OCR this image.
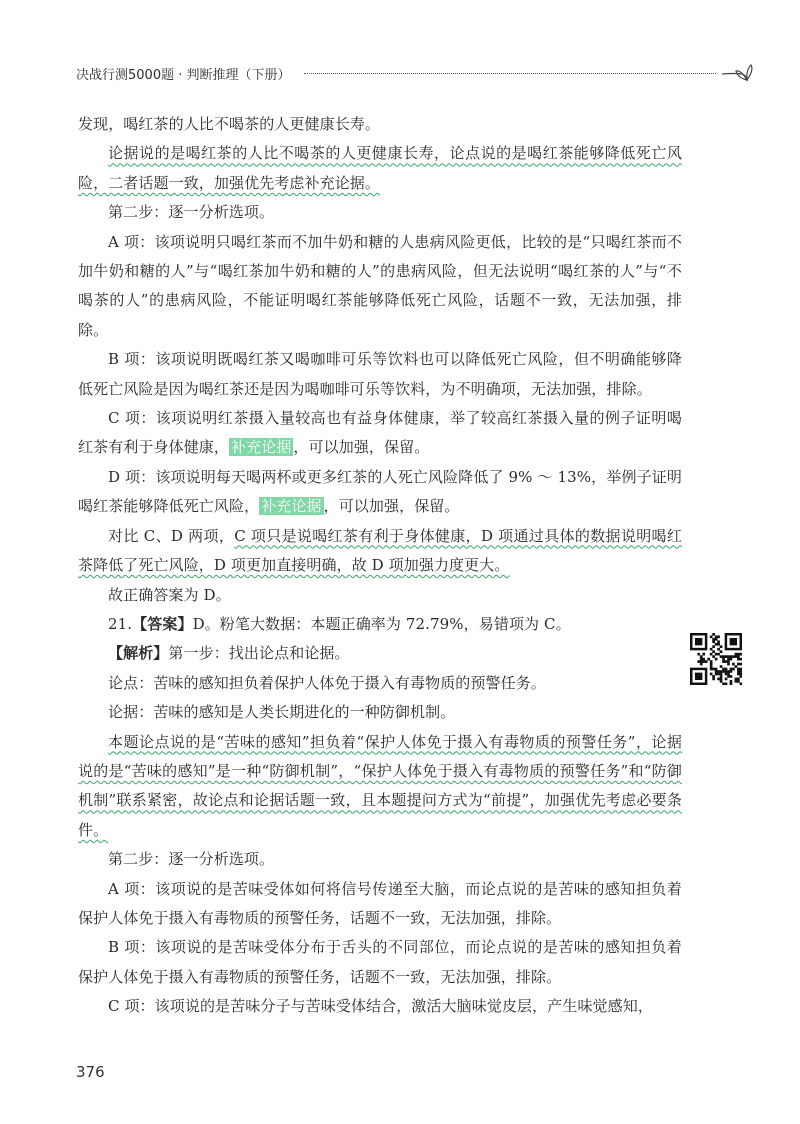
决战行测5000题 · 判断推理（下册）

发现，喝红茶的人比不喝茶的人更健康长寿。

论据说的是喝红茶的人比不喝茶的人更健康长寿，论点说的是喝红茶能够降低死亡风险，二者话题一致，加强优先考虑补充论据。

第二步：逐一分析选项。

A 项：该项说明只喝红茶而不加牛奶和糖的人患病风险更低，比较的是“只喝红茶而不加牛奶和糖的人”与“喝红茶加牛奶和糖的人”的患病风险，但无法说明“喝红茶的人”与“不喝茶的人”的患病风险，不能证明喝红茶能够降低死亡风险，话题不一致，无法加强，排除。

B 项：该项说明既喝红茶又喝咖啡可乐等饮料也可以降低死亡风险，但不明确能够降低死亡风险是因为喝红茶还是因为喝咖啡可乐等饮料，为不明确项，无法加强，排除。

C 项：该项说明红茶摄入量较高也有益身体健康，举了较高红茶摄入量的例子证明喝红茶有利于身体健康， 补充论据 ，可以加强，保留。

D 项：该项说明每天喝两杯或更多红茶的人死亡风险降低了 9% ～ 13%，举例子证明喝红茶能够降低死亡风险， 补充论据 ，可以加强，保留。

对比 C、D 两项，C 项只是说喝红茶有利于身体健康，D 项通过具体的数据说明喝红茶降低了死亡风险，D 项更加直接明确，故 D 项加强力度更大。

故正确答案为 D。

21.【答案】D。粉笔大数据：本题正确率为 72.79%，易错项为 C。

【解析】第一步：找出论点和论据。

论点：苦味的感知担负着保护人体免于摄入有毒物质的预警任务。

论据：苦味的感知是人类长期进化的一种防御机制。

本题论点说的是“苦味的感知”担负着“保护人体免于摄入有毒物质的预警任务”，论据说的是“苦味的感知”是一种“防御机制”，“保护人体免于摄入有毒物质的预警任务”和“防御机制”联系紧密，故论点和论据话题一致，且本题提问方式为“前提”，加强优先考虑必要条件。

第二步：逐一分析选项。

A 项：该项说的是苦味受体如何将信号传递至大脑，而论点说的是苦味的感知担负着保护人体免于摄入有毒物质的预警任务，话题不一致，无法加强，排除。

B 项：该项说的是苦味受体分布于舌头的不同部位，而论点说的是苦味的感知担负着保护人体免于摄入有毒物质的预警任务，话题不一致，无法加强，排除。

C 项：该项说的是苦味分子与苦味受体结合，激活大脑味觉皮层，产生味觉感知，

376
